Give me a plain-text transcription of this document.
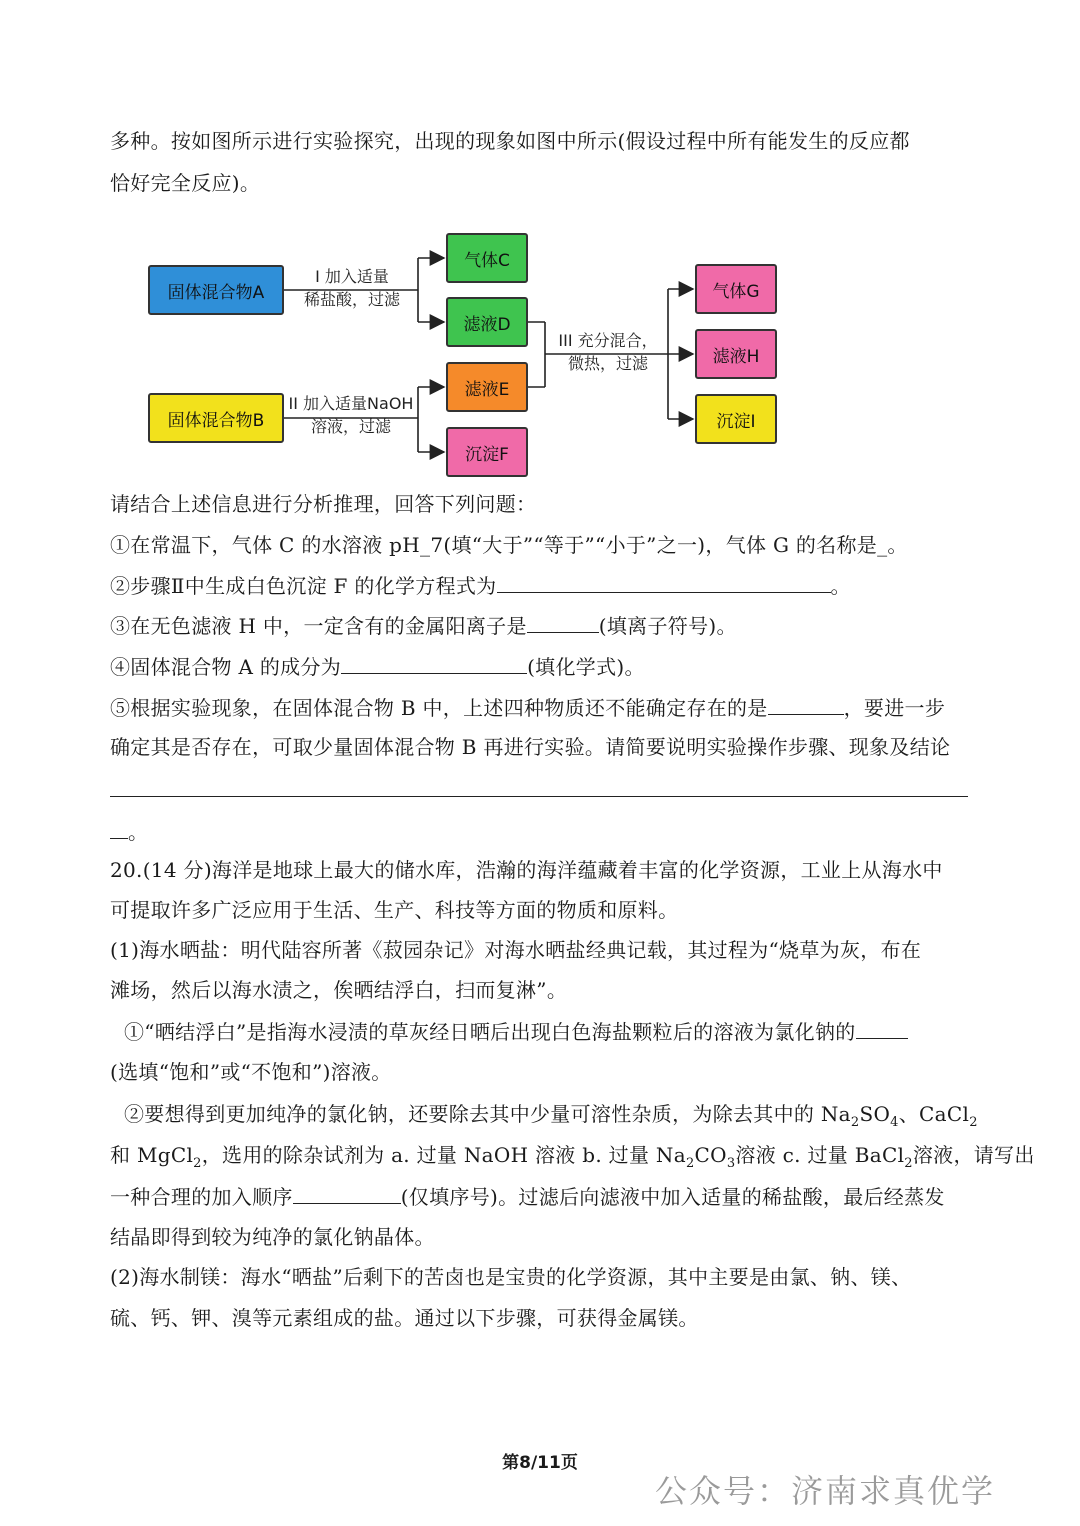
多种。按如图所示进行实验探究，出现的现象如图中所示(假设过程中所有能发生的反应都
恰好完全反应)。
固体混合物A
固体混合物B
气体C
滤液D
滤液E
沉淀F
气体G
滤液H
沉淀I
I 加入适量
稀盐酸，过滤
II 加入适量NaOH
溶液，过滤
III 充分混合，
微热，过滤
请结合上述信息进行分析推理，回答下列问题：
①在常温下，气体 C 的水溶液 pH_7(填“大于”“等于”“小于”之一)，气体 G 的名称是_。
②步骤Ⅱ中生成白色沉淀 F 的化学方程式为	。
③在无色滤液 H 中，一定含有的金属阳离子是	(填离子符号)。
④固体混合物 A 的成分为	(填化学式)。
⑤根据实验现象，在固体混合物 B 中，上述四种物质还不能确定存在的是	，要进一步
确定其是否存在，可取少量固体混合物 B 再进行实验。请简要说明实验操作步骤、现象及结论
。
20.(14 分)海洋是地球上最大的储水库，浩瀚的海洋蕴藏着丰富的化学资源，工业上从海水中
可提取许多广泛应用于生活、生产、科技等方面的物质和原料。
(1)海水晒盐：明代陆容所著《菽园杂记》对海水晒盐经典记载，其过程为“烧草为灰，布在
滩场，然后以海水渍之，俟晒结浮白，扫而复淋”。
①“晒结浮白”是指海水浸渍的草灰经日晒后出现白色海盐颗粒后的溶液为氯化钠的
(选填“饱和”或“不饱和”)溶液。
②要想得到更加纯净的氯化钠，还要除去其中少量可溶性杂质，为除去其中的 $Na_2SO_4$、CaCl$_2$
和 MgCl$_2$，选用的除杂试剂为 a. 过量 NaOH 溶液 b. 过量 $Na_2CO_3$溶液 c. 过量 BaCl$_2$溶液，请写出
一种合理的加入顺序	(仅填序号)。过滤后向滤液中加入适量的稀盐酸，最后经蒸发
结晶即得到较为纯净的氯化钠晶体。
(2)海水制镁：海水“晒盐”后剩下的苦卤也是宝贵的化学资源，其中主要是由氯、钠、镁、
硫、钙、钾、溴等元素组成的盐。通过以下步骤，可获得金属镁。
第8/11页
公众号：济南求真优学
